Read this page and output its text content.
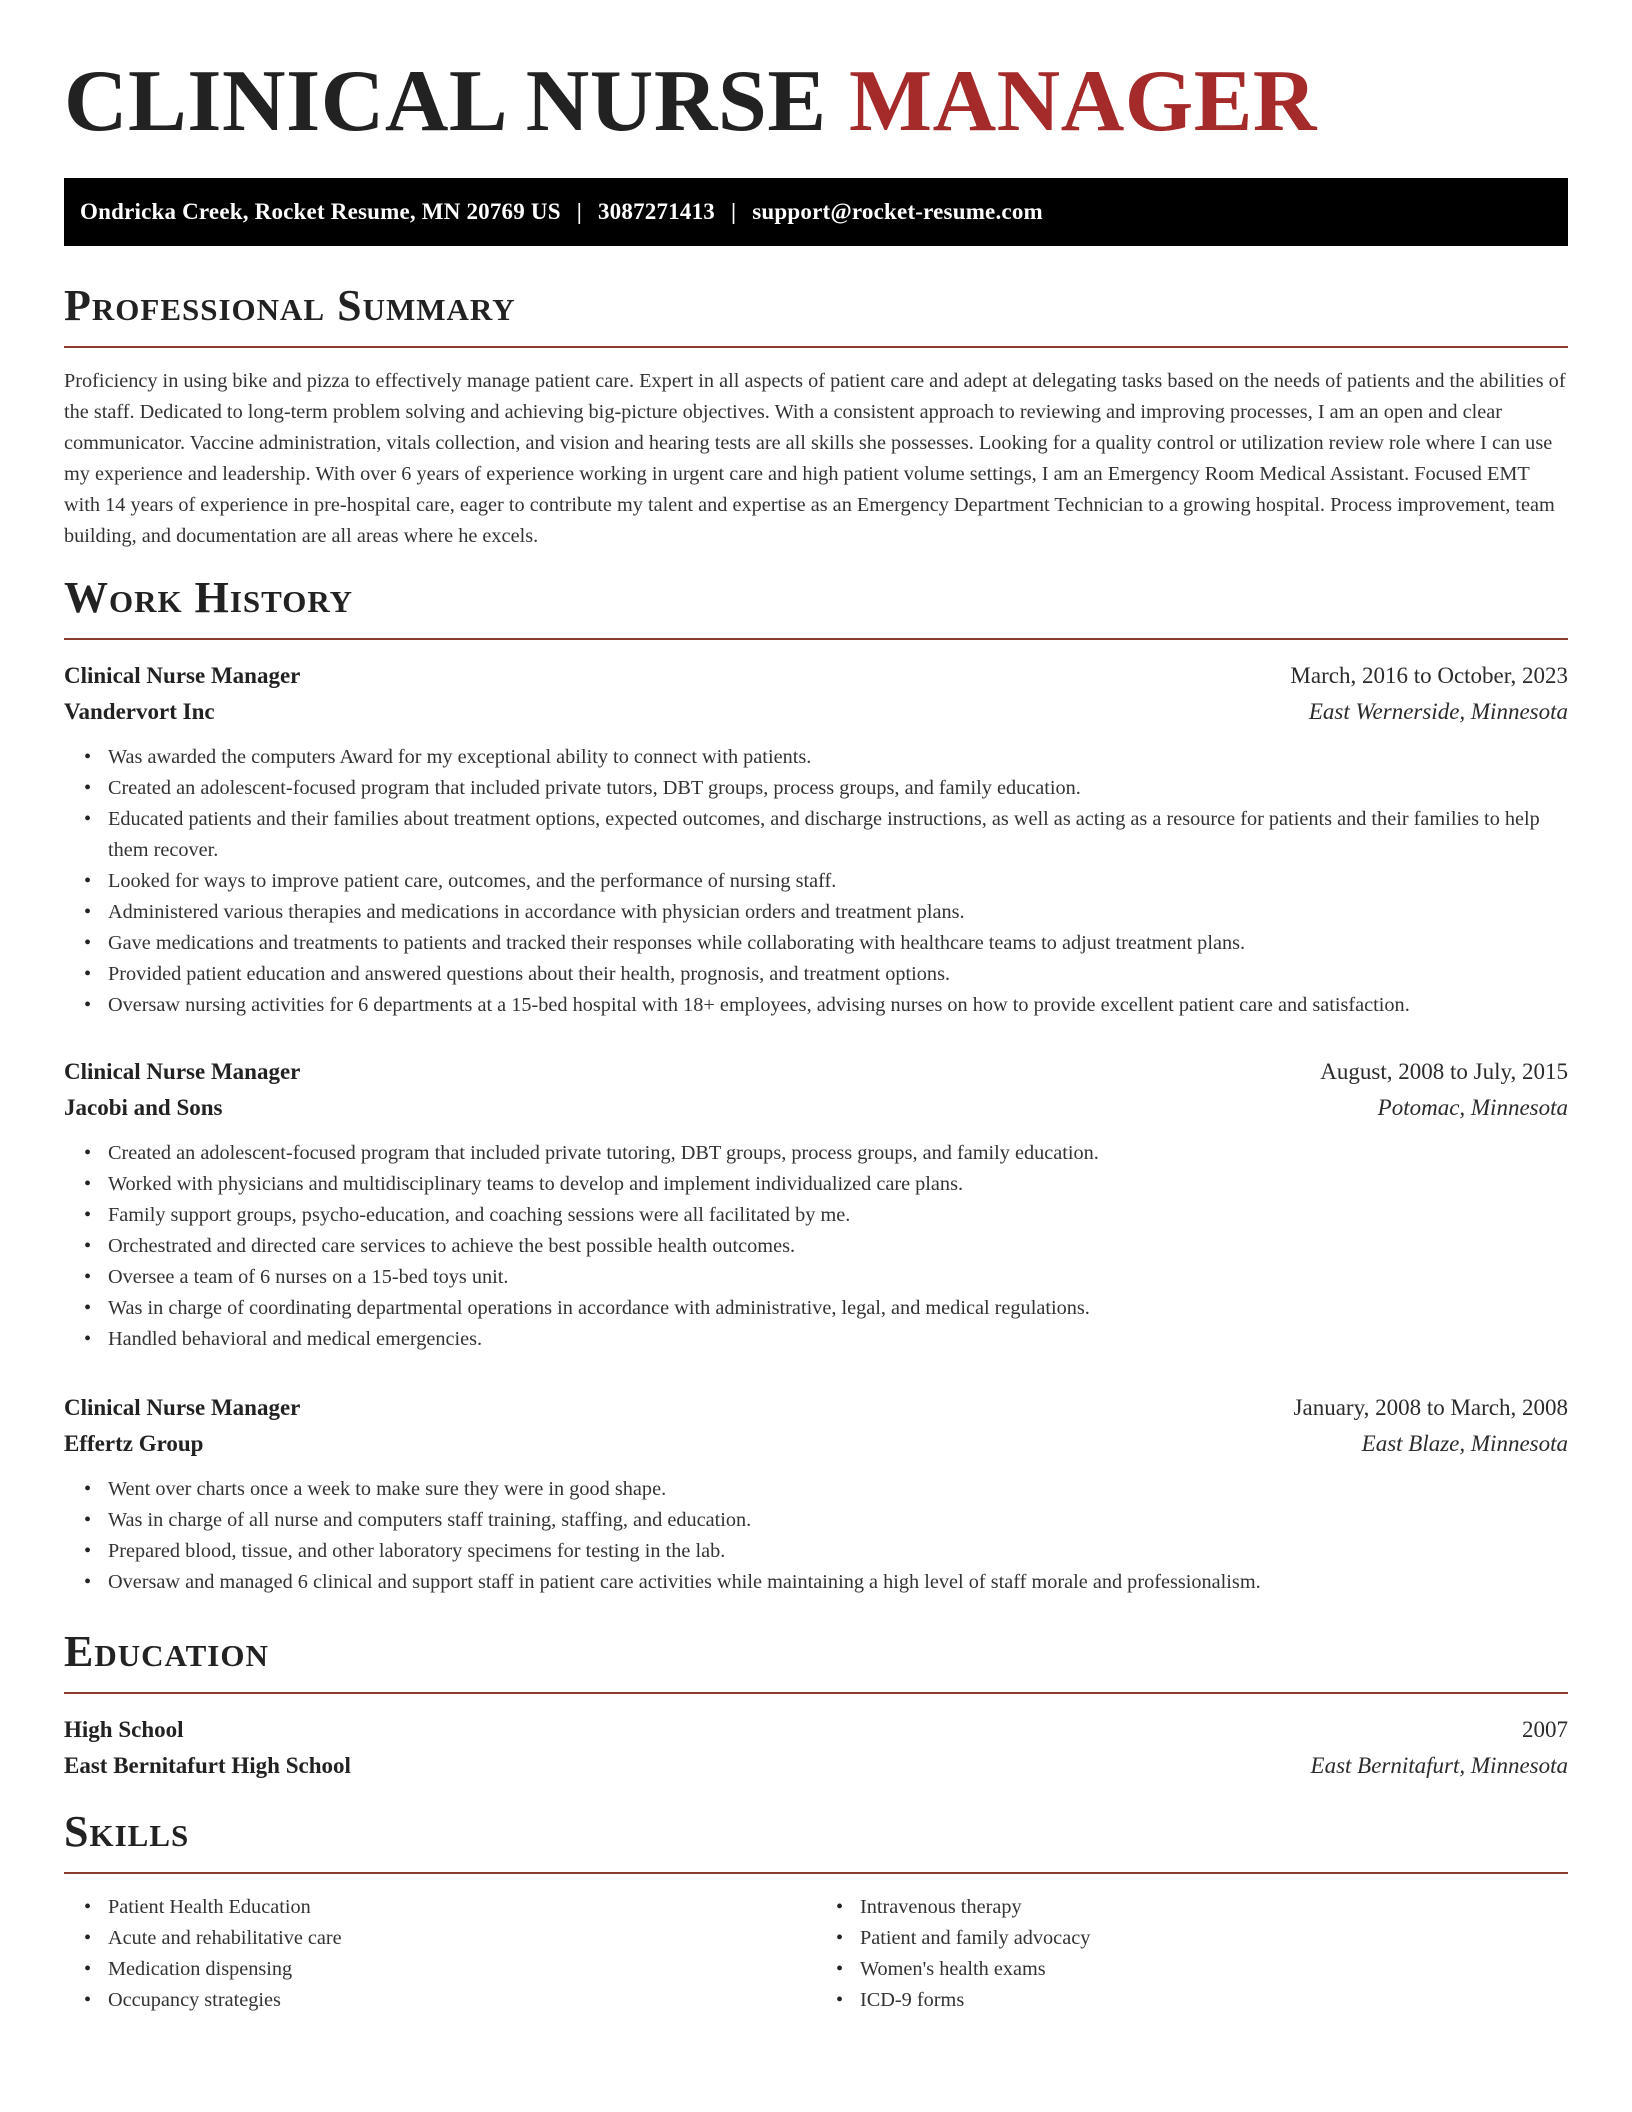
CLINICAL NURSE MANAGER
Ondricka Creek, Rocket Resume, MN 20769 US | 3087271413 | support@rocket-resume.com
Professional Summary

Proficiency in using bike and pizza to effectively manage patient care. Expert in all aspects of patient care and adept at delegating tasks based on the needs of patients and the abilities of the staff. Dedicated to long-term problem solving and achieving big-picture objectives. With a consistent approach to reviewing and improving processes, I am an open and clear communicator. Vaccine administration, vitals collection, and vision and hearing tests are all skills she possesses. Looking for a quality control or utilization review role where I can use my experience and leadership. With over 6 years of experience working in urgent care and high patient volume settings, I am an Emergency Room Medical Assistant. Focused EMT with 14 years of experience in pre-hospital care, eager to contribute my talent and expertise as an Emergency Department Technician to a growing hospital. Process improvement, team building, and documentation are all areas where he excels.

Work History
Clinical Nurse Manager	March, 2016 to October, 2023
Vandervort Inc	East Wernerside, Minnesota
• Was awarded the computers Award for my exceptional ability to connect with patients.
• Created an adolescent-focused program that included private tutors, DBT groups, process groups, and family education.
• Educated patients and their families about treatment options, expected outcomes, and discharge instructions, as well as acting as a resource for patients and their families to help them recover.
• Looked for ways to improve patient care, outcomes, and the performance of nursing staff.
• Administered various therapies and medications in accordance with physician orders and treatment plans.
• Gave medications and treatments to patients and tracked their responses while collaborating with healthcare teams to adjust treatment plans.
• Provided patient education and answered questions about their health, prognosis, and treatment options.
• Oversaw nursing activities for 6 departments at a 15-bed hospital with 18+ employees, advising nurses on how to provide excellent patient care and satisfaction.
Clinical Nurse Manager	August, 2008 to July, 2015
Jacobi and Sons	Potomac, Minnesota
• Created an adolescent-focused program that included private tutoring, DBT groups, process groups, and family education.
• Worked with physicians and multidisciplinary teams to develop and implement individualized care plans.
• Family support groups, psycho-education, and coaching sessions were all facilitated by me.
• Orchestrated and directed care services to achieve the best possible health outcomes.
• Oversee a team of 6 nurses on a 15-bed toys unit.
• Was in charge of coordinating departmental operations in accordance with administrative, legal, and medical regulations.
• Handled behavioral and medical emergencies.
Clinical Nurse Manager	January, 2008 to March, 2008
Effertz Group	East Blaze, Minnesota
• Went over charts once a week to make sure they were in good shape.
• Was in charge of all nurse and computers staff training, staffing, and education.
• Prepared blood, tissue, and other laboratory specimens for testing in the lab.
• Oversaw and managed 6 clinical and support staff in patient care activities while maintaining a high level of staff morale and professionalism.
Education
High School	2007
East Bernitafurt High School	East Bernitafurt, Minnesota
Skills
• Patient Health Education
• Acute and rehabilitative care
• Medication dispensing
• Occupancy strategies
• Intravenous therapy
• Patient and family advocacy
• Women's health exams
• ICD-9 forms
